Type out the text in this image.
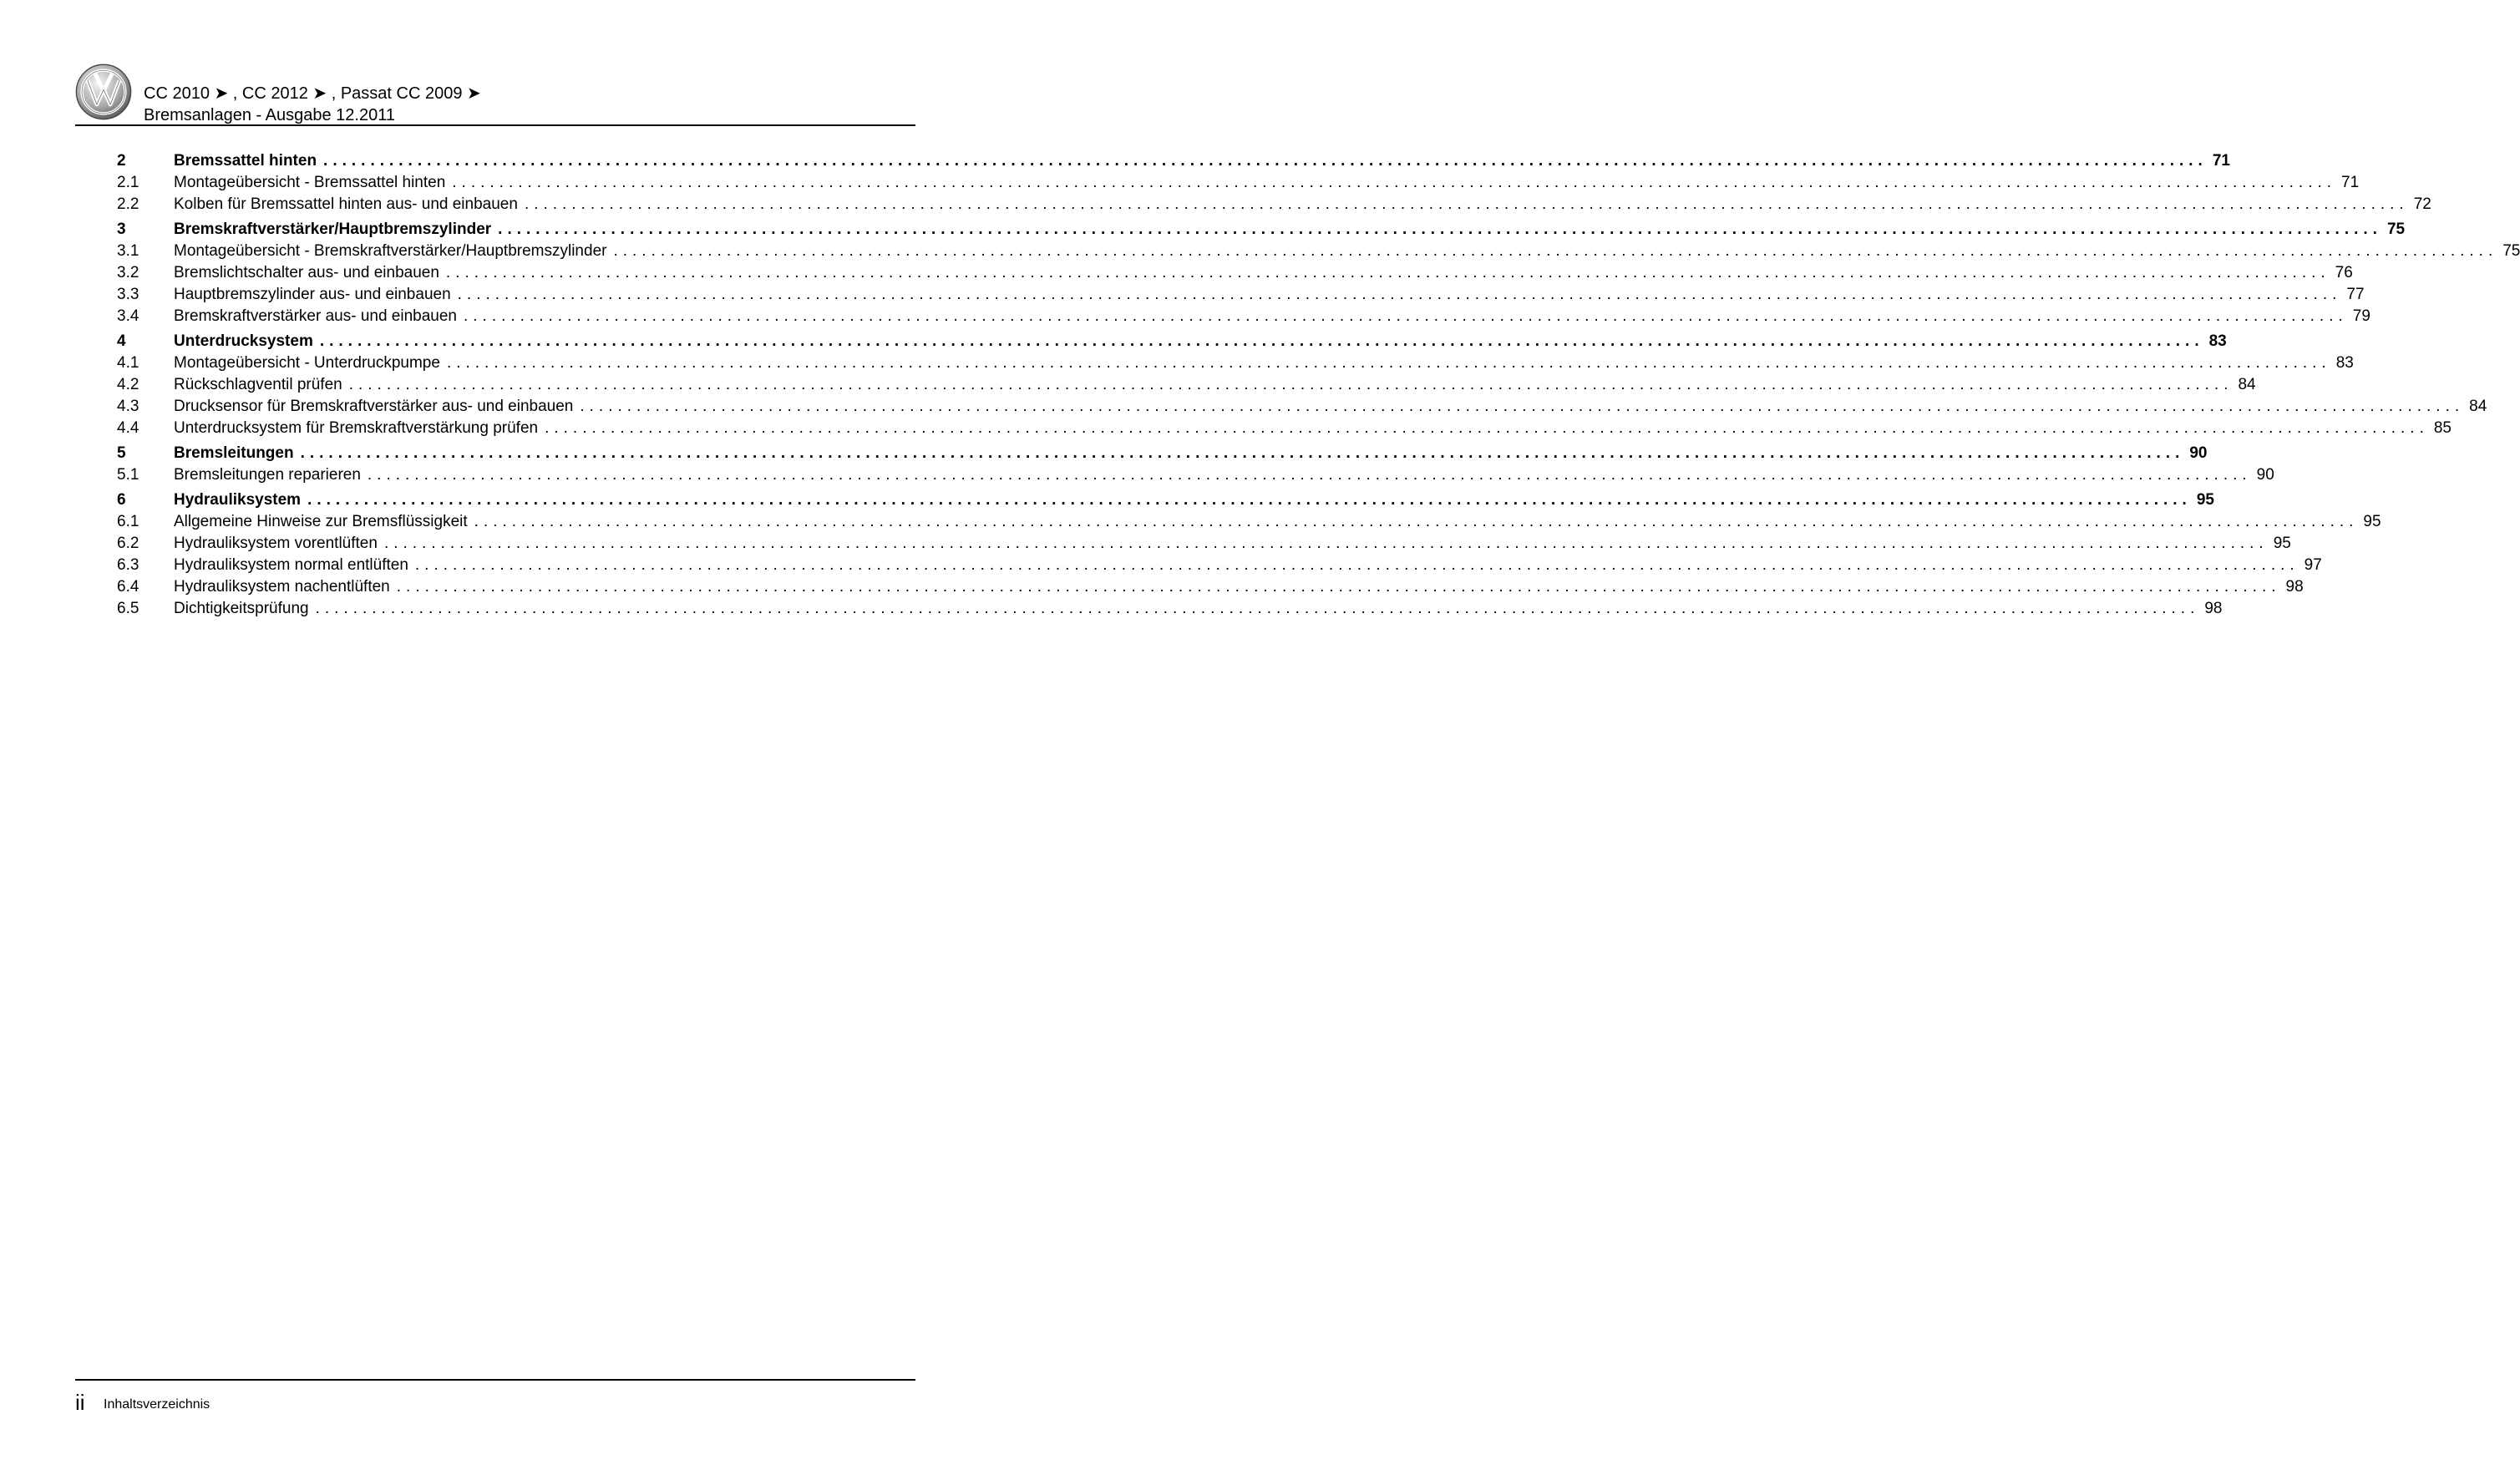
CC 2010 ➤ , CC 2012 ➤ , Passat CC 2009 ➤
Bremsanlagen - Ausgabe 12.2011
2	Bremssattel hinten ........................................................................................................................................................................................................ 71
2.1	Montageübersicht - Bremssattel hinten ........................................................................................................................................................................................................ 71
2.2	Kolben für Bremssattel hinten aus- und einbauen ........................................................................................................................................................................................................ 72
3	Bremskraftverstärker/Hauptbremszylinder ........................................................................................................................................................................................................ 75
3.1	Montageübersicht - Bremskraftverstärker/Hauptbremszylinder ........................................................................................................................................................................................................ 75
3.2	Bremslichtschalter aus- und einbauen ........................................................................................................................................................................................................ 76
3.3	Hauptbremszylinder aus- und einbauen ........................................................................................................................................................................................................ 77
3.4	Bremskraftverstärker aus- und einbauen ........................................................................................................................................................................................................ 79
4	Unterdrucksystem ........................................................................................................................................................................................................ 83
4.1	Montageübersicht - Unterdruckpumpe ........................................................................................................................................................................................................ 83
4.2	Rückschlagventil prüfen ........................................................................................................................................................................................................ 84
4.3	Drucksensor für Bremskraftverstärker aus- und einbauen ........................................................................................................................................................................................................ 84
4.4	Unterdrucksystem für Bremskraftverstärkung prüfen ........................................................................................................................................................................................................ 85
5	Bremsleitungen ........................................................................................................................................................................................................ 90
5.1	Bremsleitungen reparieren ........................................................................................................................................................................................................ 90
6	Hydrauliksystem ........................................................................................................................................................................................................ 95
6.1	Allgemeine Hinweise zur Bremsflüssigkeit ........................................................................................................................................................................................................ 95
6.2	Hydrauliksystem vorentlüften ........................................................................................................................................................................................................ 95
6.3	Hydrauliksystem normal entlüften ........................................................................................................................................................................................................ 97
6.4	Hydrauliksystem nachentlüften ........................................................................................................................................................................................................ 98
6.5	Dichtigkeitsprüfung ........................................................................................................................................................................................................ 98
ii Inhaltsverzeichnis
